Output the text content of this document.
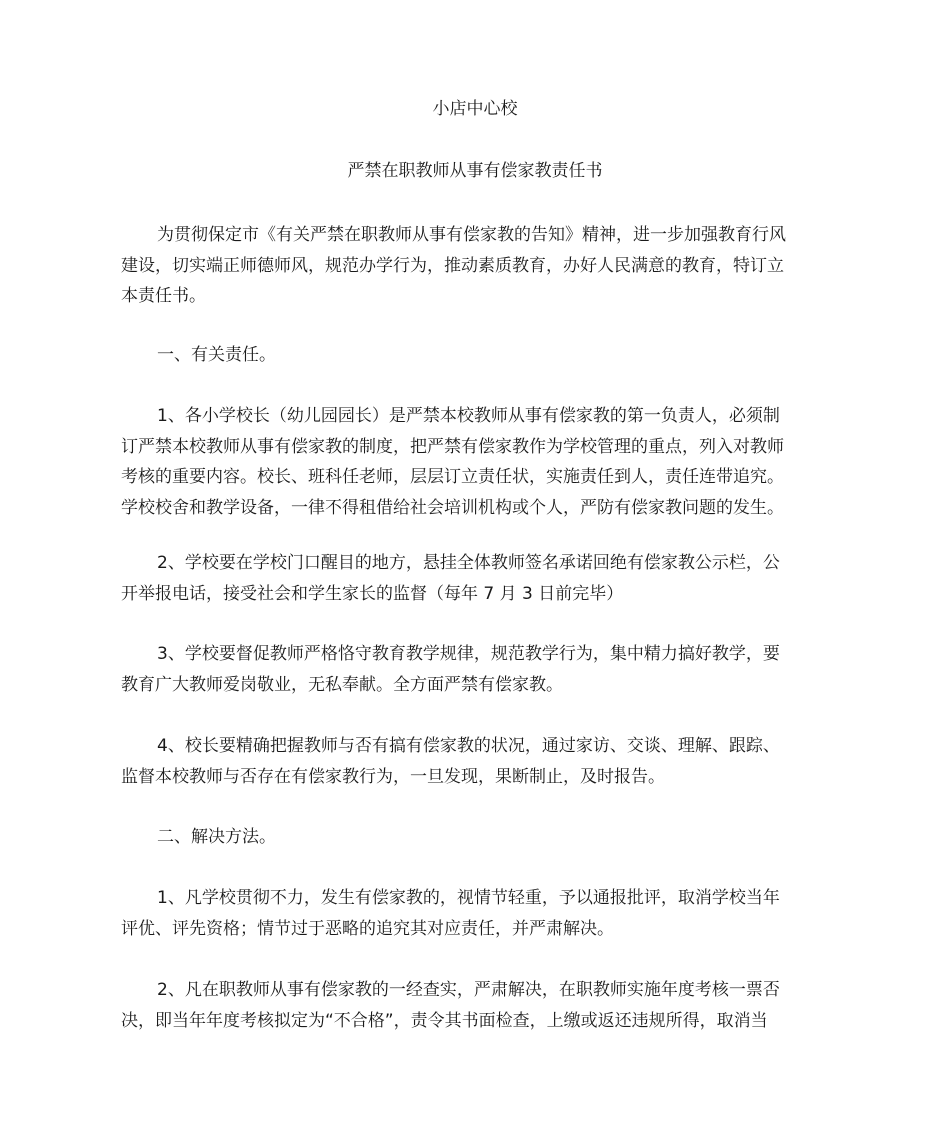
小店中心校
严禁在职教师从事有偿家教责任书

为贯彻保定市《有关严禁在职教师从事有偿家教的告知》精神，进一步加强教育行风

建设，切实端正师德师风，规范办学行为，推动素质教育，办好人民满意的教育，特订立

本责任书。

一、有关责任。

1、各小学校长（幼儿园园长）是严禁本校教师从事有偿家教的第一负责人，必须制

订严禁本校教师从事有偿家教的制度，把严禁有偿家教作为学校管理的重点，列入对教师

考核的重要内容。校长、班科任老师，层层订立责任状，实施责任到人，责任连带追究。

学校校舍和教学设备，一律不得租借给社会培训机构或个人，严防有偿家教问题的发生。

2、学校要在学校门口醒目的地方，悬挂全体教师签名承诺回绝有偿家教公示栏，公

开举报电话，接受社会和学生家长的监督（每年 7 月 3 日前完毕）

3、学校要督促教师严格恪守教育教学规律，规范教学行为，集中精力搞好教学，要

教育广大教师爱岗敬业，无私奉献。全方面严禁有偿家教。

4、校长要精确把握教师与否有搞有偿家教的状况，通过家访、交谈、理解、跟踪、

监督本校教师与否存在有偿家教行为，一旦发现，果断制止，及时报告。

二、解决方法。

1、凡学校贯彻不力，发生有偿家教的，视情节轻重，予以通报批评，取消学校当年

评优、评先资格；情节过于恶略的追究其对应责任，并严肃解决。

2、凡在职教师从事有偿家教的一经查实，严肃解决，在职教师实施年度考核一票否

决，即当年年度考核拟定为“不合格”，责令其书面检查，上缴或返还违规所得，取消当
